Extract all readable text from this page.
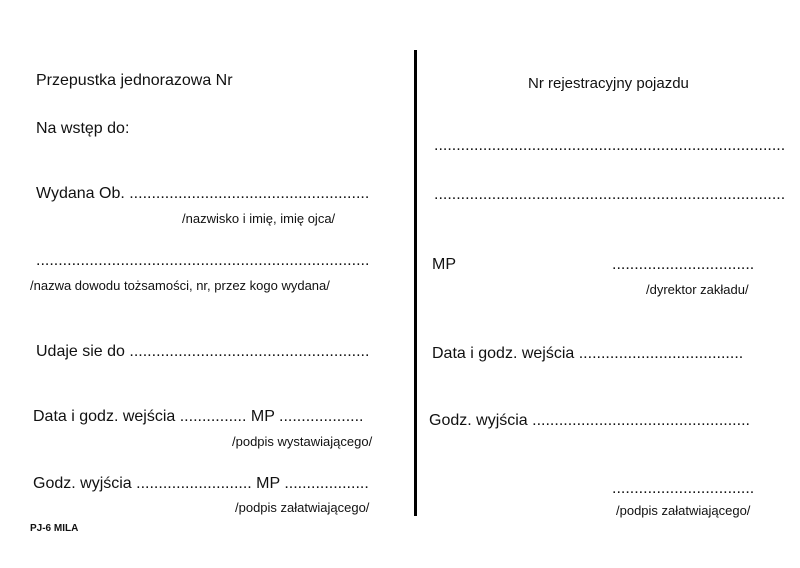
Przepustka jednorazowa Nr
Na wstęp do:
Wydana Ob. ......................................................
/nazwisko i imię, imię ojca/
...........................................................................
/nazwa dowodu tożsamości, nr, przez kogo wydana/
Udaje sie do ......................................................
Data i godz. wejścia ............... MP ...................
/podpis wystawiającego/
Godz. wyjścia .......................... MP ...................
/podpis załatwiającego/
PJ-6 MILA
Nr rejestracyjny pojazdu
...............................................................................
...............................................................................
MP	................................
/dyrektor zakładu/
Data i godz. wejścia .....................................
Godz. wyjścia .................................................
................................
/podpis załatwiającego/
